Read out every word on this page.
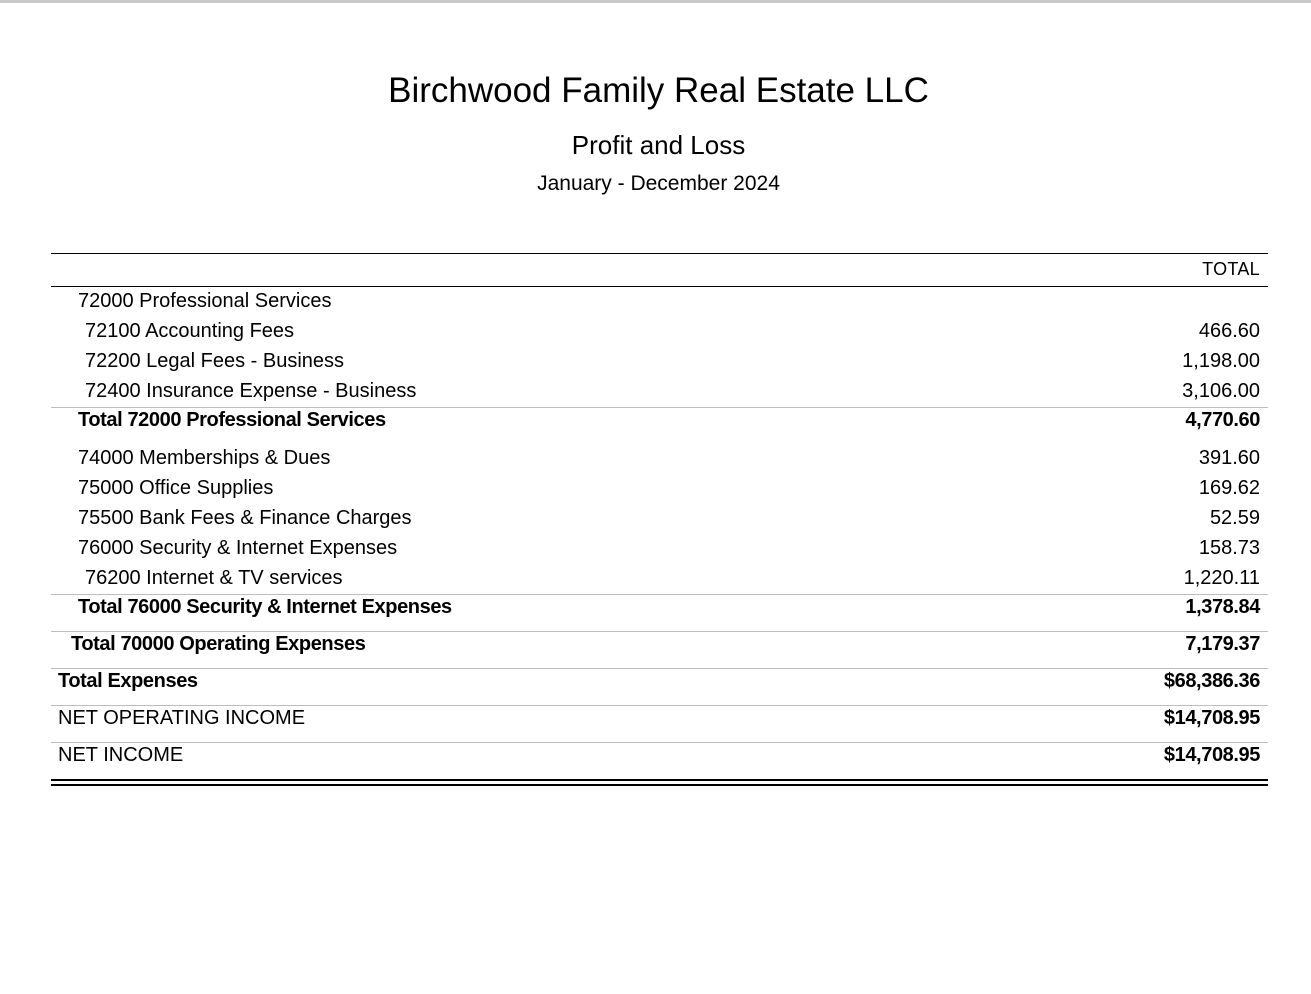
Birchwood Family Real Estate LLC
Profit and Loss
January - December 2024
TOTAL
72000 Professional Services
72100 Accounting Fees	466.60
72200 Legal Fees - Business	1,198.00
72400 Insurance Expense - Business	3,106.00
Total 72000 Professional Services	4,770.60
74000 Memberships & Dues	391.60
75000 Office Supplies	169.62
75500 Bank Fees & Finance Charges	52.59
76000 Security & Internet Expenses	158.73
76200 Internet & TV services	1,220.11
Total 76000 Security & Internet Expenses	1,378.84
Total 70000 Operating Expenses	7,179.37
Total Expenses	$68,386.36
NET OPERATING INCOME	$14,708.95
NET INCOME	$14,708.95
